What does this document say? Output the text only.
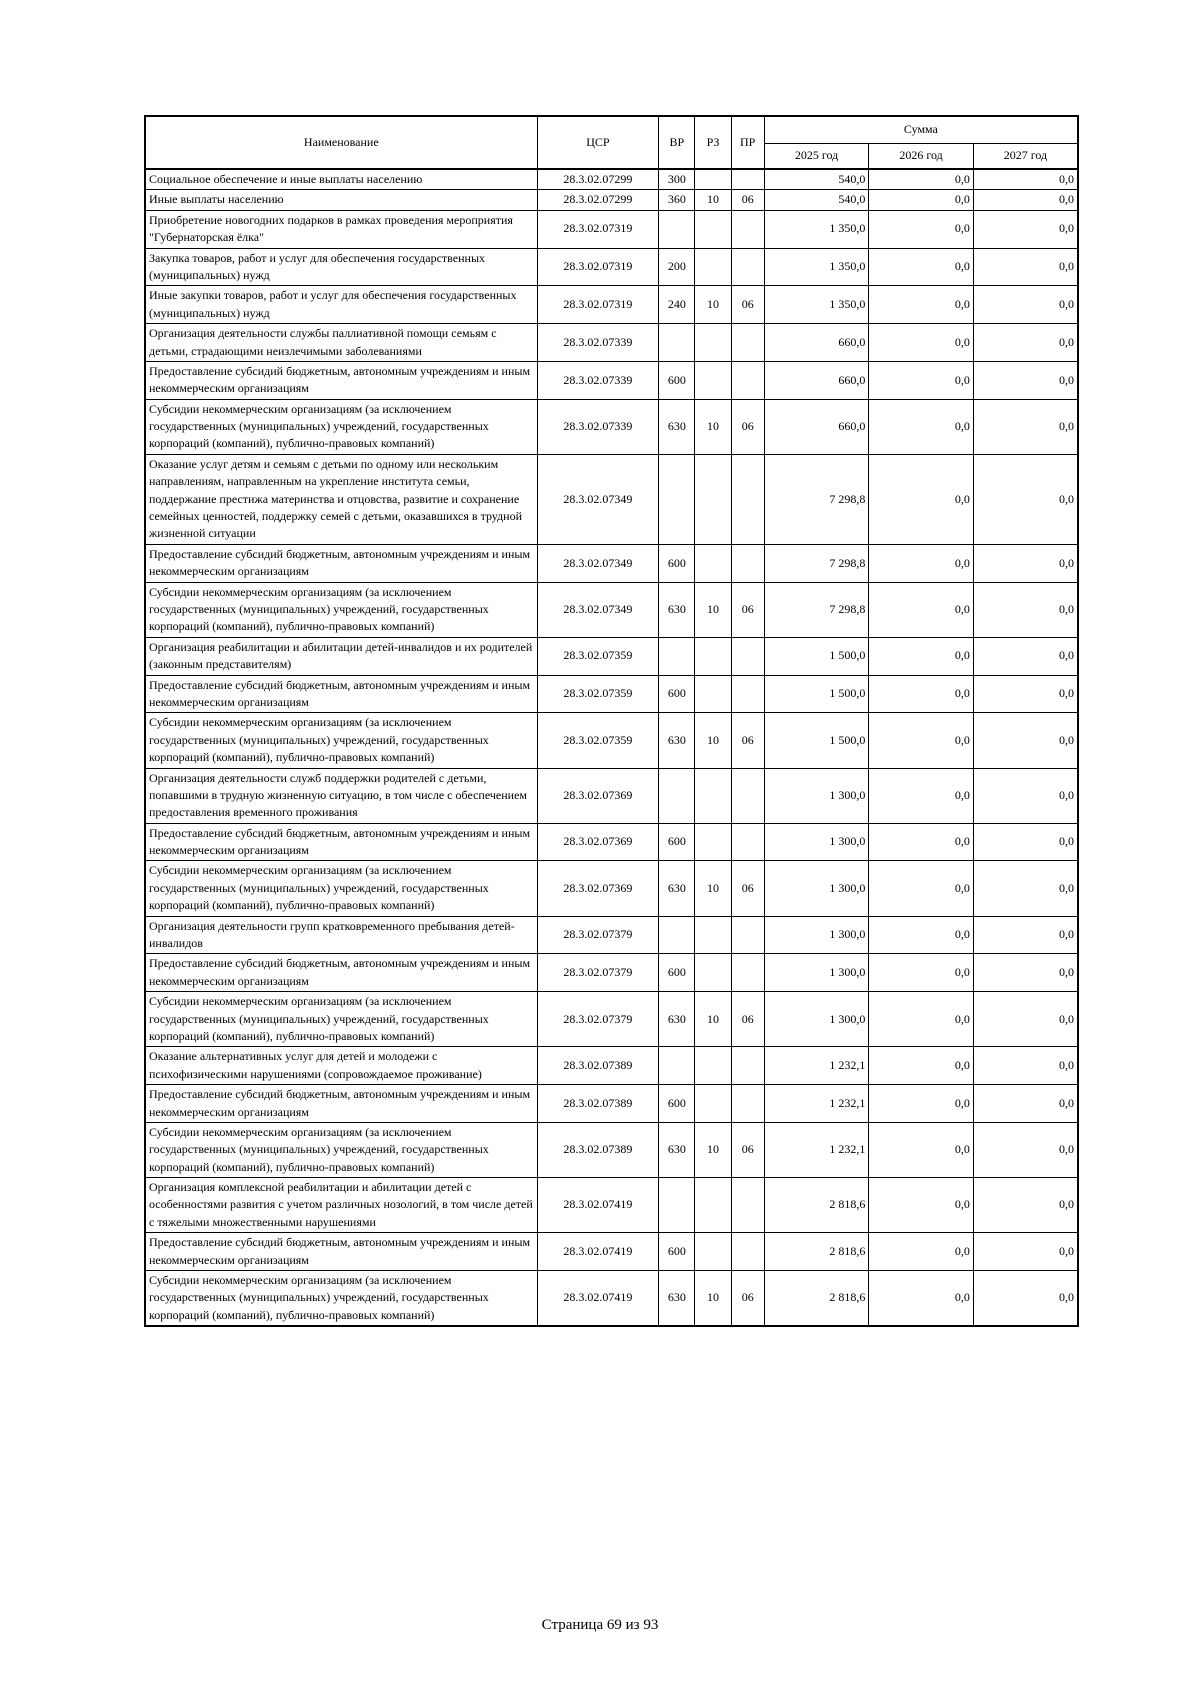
Наименование	ЦСР	ВР	РЗ	ПР	Сумма		
					2025 год	2026 год	2027 год
Социальное обеспечение и иные выплаты населению	28.3.02.07299	300			540,0	0,0	0,0
Иные выплаты населению	28.3.02.07299	360	10	06	540,0	0,0	0,0
Приобретение новогодних подарков в рамках проведения мероприятия "Губернаторская ёлка"	28.3.02.07319				1 350,0	0,0	0,0
Закупка товаров, работ и услуг для обеспечения государственных (муниципальных) нужд	28.3.02.07319	200			1 350,0	0,0	0,0
Иные закупки товаров, работ и услуг для обеспечения государственных (муниципальных) нужд	28.3.02.07319	240	10	06	1 350,0	0,0	0,0
Организация деятельности службы паллиативной помощи семьям с детьми, страдающими неизлечимыми заболеваниями	28.3.02.07339				660,0	0,0	0,0
Предоставление субсидий бюджетным, автономным учреждениям и иным некоммерческим организациям	28.3.02.07339	600			660,0	0,0	0,0
Субсидии некоммерческим организациям (за исключением государственных (муниципальных) учреждений, государственных корпораций (компаний), публично-правовых компаний)	28.3.02.07339	630	10	06	660,0	0,0	0,0
Оказание услуг детям и семьям с детьми по одному или нескольким направлениям, направленным на укрепление института семьи, поддержание престижа материнства и отцовства, развитие и сохранение семейных ценностей, поддержку семей с детьми, оказавшихся в трудной жизненной ситуации	28.3.02.07349				7 298,8	0,0	0,0
Предоставление субсидий бюджетным, автономным учреждениям и иным некоммерческим организациям	28.3.02.07349	600			7 298,8	0,0	0,0
Субсидии некоммерческим организациям (за исключением государственных (муниципальных) учреждений, государственных корпораций (компаний), публично-правовых компаний)	28.3.02.07349	630	10	06	7 298,8	0,0	0,0
Организация реабилитации и абилитации детей-инвалидов и их родителей (законным представителям)	28.3.02.07359				1 500,0	0,0	0,0
Предоставление субсидий бюджетным, автономным учреждениям и иным некоммерческим организациям	28.3.02.07359	600			1 500,0	0,0	0,0
Субсидии некоммерческим организациям (за исключением государственных (муниципальных) учреждений, государственных корпораций (компаний), публично-правовых компаний)	28.3.02.07359	630	10	06	1 500,0	0,0	0,0
Организация деятельности служб поддержки родителей с детьми, попавшими в трудную жизненную ситуацию, в том числе с обеспечением предоставления временного проживания	28.3.02.07369				1 300,0	0,0	0,0
Предоставление субсидий бюджетным, автономным учреждениям и иным некоммерческим организациям	28.3.02.07369	600			1 300,0	0,0	0,0
Субсидии некоммерческим организациям (за исключением государственных (муниципальных) учреждений, государственных корпораций (компаний), публично-правовых компаний)	28.3.02.07369	630	10	06	1 300,0	0,0	0,0
Организация деятельности групп кратковременного пребывания детей-инвалидов	28.3.02.07379				1 300,0	0,0	0,0
Предоставление субсидий бюджетным, автономным учреждениям и иным некоммерческим организациям	28.3.02.07379	600			1 300,0	0,0	0,0
Субсидии некоммерческим организациям (за исключением государственных (муниципальных) учреждений, государственных корпораций (компаний), публично-правовых компаний)	28.3.02.07379	630	10	06	1 300,0	0,0	0,0
Оказание альтернативных услуг для детей и молодежи с психофизическими нарушениями (сопровождаемое проживание)	28.3.02.07389				1 232,1	0,0	0,0
Предоставление субсидий бюджетным, автономным учреждениям и иным некоммерческим организациям	28.3.02.07389	600			1 232,1	0,0	0,0
Субсидии некоммерческим организациям (за исключением государственных (муниципальных) учреждений, государственных корпораций (компаний), публично-правовых компаний)	28.3.02.07389	630	10	06	1 232,1	0,0	0,0
Организация комплексной реабилитации и абилитации детей с особенностями развития с учетом различных нозологий, в том числе детей с тяжелыми множественными нарушениями	28.3.02.07419				2 818,6	0,0	0,0
Предоставление субсидий бюджетным, автономным учреждениям и иным некоммерческим организациям	28.3.02.07419	600			2 818,6	0,0	0,0
Субсидии некоммерческим организациям (за исключением государственных (муниципальных) учреждений, государственных корпораций (компаний), публично-правовых компаний)	28.3.02.07419	630	10	06	2 818,6	0,0	0,0
Страница 69 из 93
